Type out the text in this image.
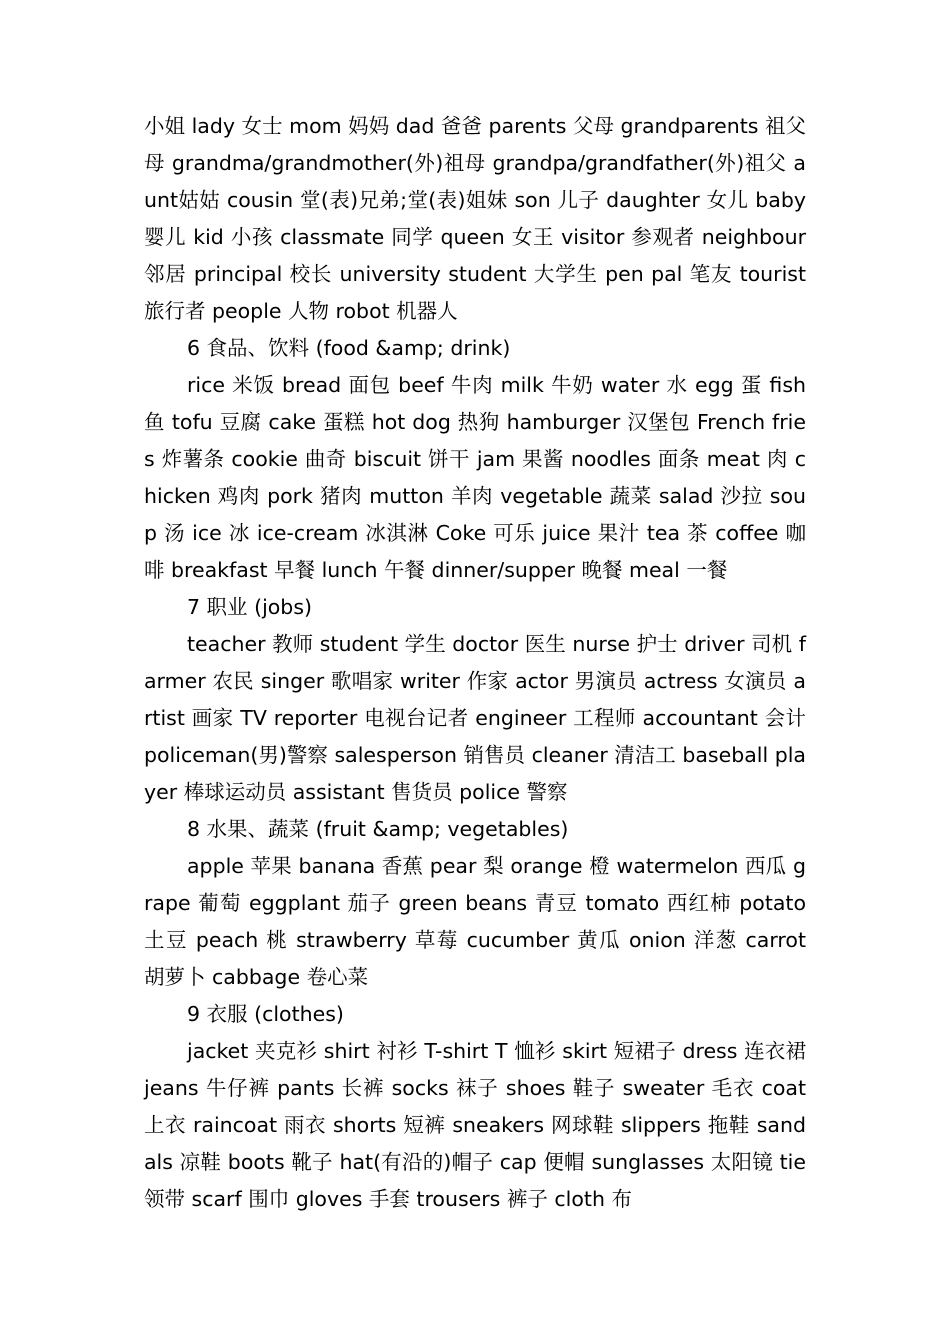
小姐 lady 女士 mom 妈妈 dad 爸爸 parents 父母 grandparents 祖父母 grandma/grandmother(外)祖母 grandpa/grandfather(外)祖父 aunt姑姑 cousin 堂(表)兄弟;堂(表)姐妹 son 儿子 daughter 女儿 baby 婴儿 kid 小孩 classmate 同学 queen 女王 visitor 参观者 neighbour 邻居 principal 校长 university student 大学生 pen pal 笔友 tourist 旅行者 people 人物 robot 机器人

6 食品、饮料 (food &amp; drink)

rice 米饭 bread 面包 beef 牛肉 milk 牛奶 water 水 egg 蛋 fish 鱼 tofu 豆腐 cake 蛋糕 hot dog 热狗 hamburger 汉堡包 French fries 炸薯条 cookie 曲奇 biscuit 饼干 jam 果酱 noodles 面条 meat 肉 chicken 鸡肉 pork 猪肉 mutton 羊肉 vegetable 蔬菜 salad 沙拉 soup 汤 ice 冰 ice-cream 冰淇淋 Coke 可乐 juice 果汁 tea 茶 coffee 咖啡 breakfast 早餐 lunch 午餐 dinner/supper 晚餐 meal 一餐

7 职业 (jobs)

teacher 教师 student 学生 doctor 医生 nurse 护士 driver 司机 farmer 农民 singer 歌唱家 writer 作家 actor 男演员 actress 女演员 artist 画家 TV reporter 电视台记者 engineer 工程师 accountant 会计 policeman(男)警察 salesperson 销售员 cleaner 清洁工 baseball player 棒球运动员 assistant 售货员 police 警察

8 水果、蔬菜 (fruit &amp; vegetables)

apple 苹果 banana 香蕉 pear 梨 orange 橙 watermelon 西瓜 grape 葡萄 eggplant 茄子 green beans 青豆 tomato 西红柿 potato 土豆 peach 桃 strawberry 草莓 cucumber 黄瓜 onion 洋葱 carrot 胡萝卜 cabbage 卷心菜

9 衣服 (clothes)

jacket 夹克衫 shirt 衬衫 T-shirt T 恤衫 skirt 短裙子 dress 连衣裙 jeans 牛仔裤 pants 长裤 socks 袜子 shoes 鞋子 sweater 毛衣 coat 上衣 raincoat 雨衣 shorts 短裤 sneakers 网球鞋 slippers 拖鞋 sandals 凉鞋 boots 靴子 hat(有沿的)帽子 cap 便帽 sunglasses 太阳镜 tie 领带 scarf 围巾 gloves 手套 trousers 裤子 cloth 布
